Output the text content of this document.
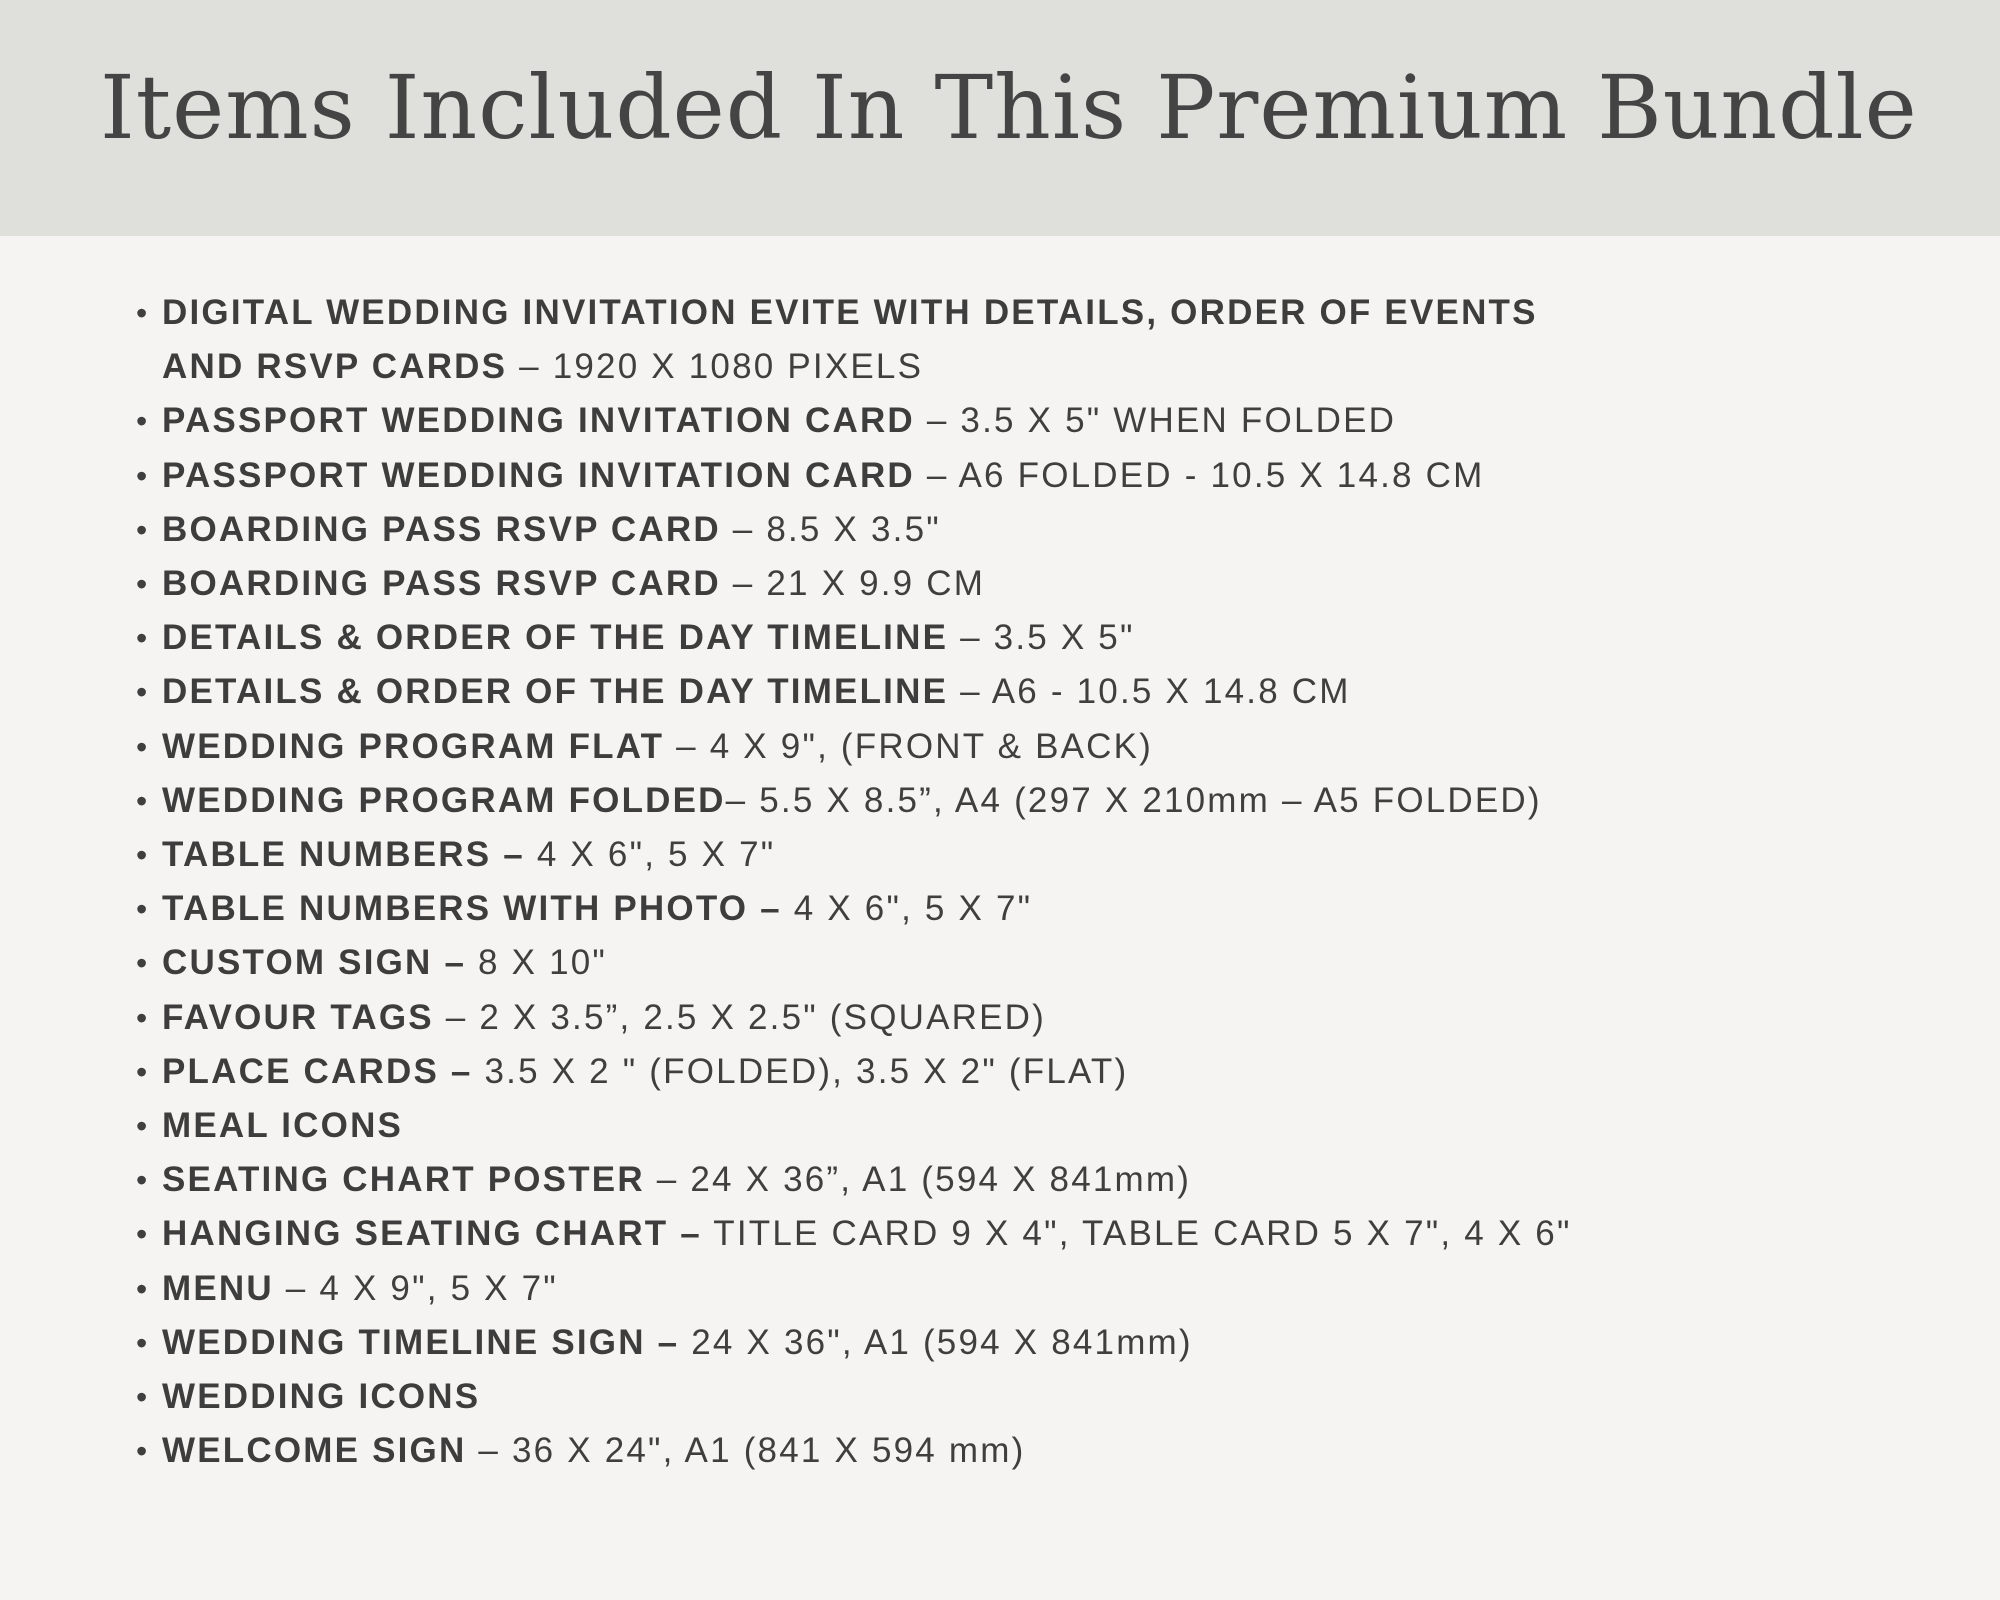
Items Included In This Premium Bundle
• DIGITAL WEDDING INVITATION EVITE WITH DETAILS, ORDER OF EVENTS
AND RSVP CARDS – 1920 X 1080 PIXELS
• PASSPORT WEDDING INVITATION CARD – 3.5 X 5" WHEN FOLDED
• PASSPORT WEDDING INVITATION CARD – A6 FOLDED - 10.5 X 14.8 CM
• BOARDING PASS RSVP CARD – 8.5 X 3.5"
• BOARDING PASS RSVP CARD – 21 X 9.9 CM
• DETAILS & ORDER OF THE DAY TIMELINE – 3.5 X 5"
• DETAILS & ORDER OF THE DAY TIMELINE – A6 - 10.5 X 14.8 CM
• WEDDING PROGRAM FLAT – 4 X 9", (FRONT & BACK)
• WEDDING PROGRAM FOLDED– 5.5 X 8.5”, A4 (297 X 210mm – A5 FOLDED)
• TABLE NUMBERS – 4 X 6", 5 X 7"
• TABLE NUMBERS WITH PHOTO – 4 X 6", 5 X 7"
• CUSTOM SIGN – 8 X 10"
• FAVOUR TAGS – 2 X 3.5”, 2.5 X 2.5" (SQUARED)
• PLACE CARDS – 3.5 X 2 " (FOLDED), 3.5 X 2" (FLAT)
• MEAL ICONS
• SEATING CHART POSTER – 24 X 36”, A1 (594 X 841mm)
• HANGING SEATING CHART – TITLE CARD 9 X 4", TABLE CARD 5 X 7", 4 X 6"
• MENU – 4 X 9", 5 X 7"
• WEDDING TIMELINE SIGN – 24 X 36", A1 (594 X 841mm)
• WEDDING ICONS
• WELCOME SIGN – 36 X 24", A1 (841 X 594 mm)
